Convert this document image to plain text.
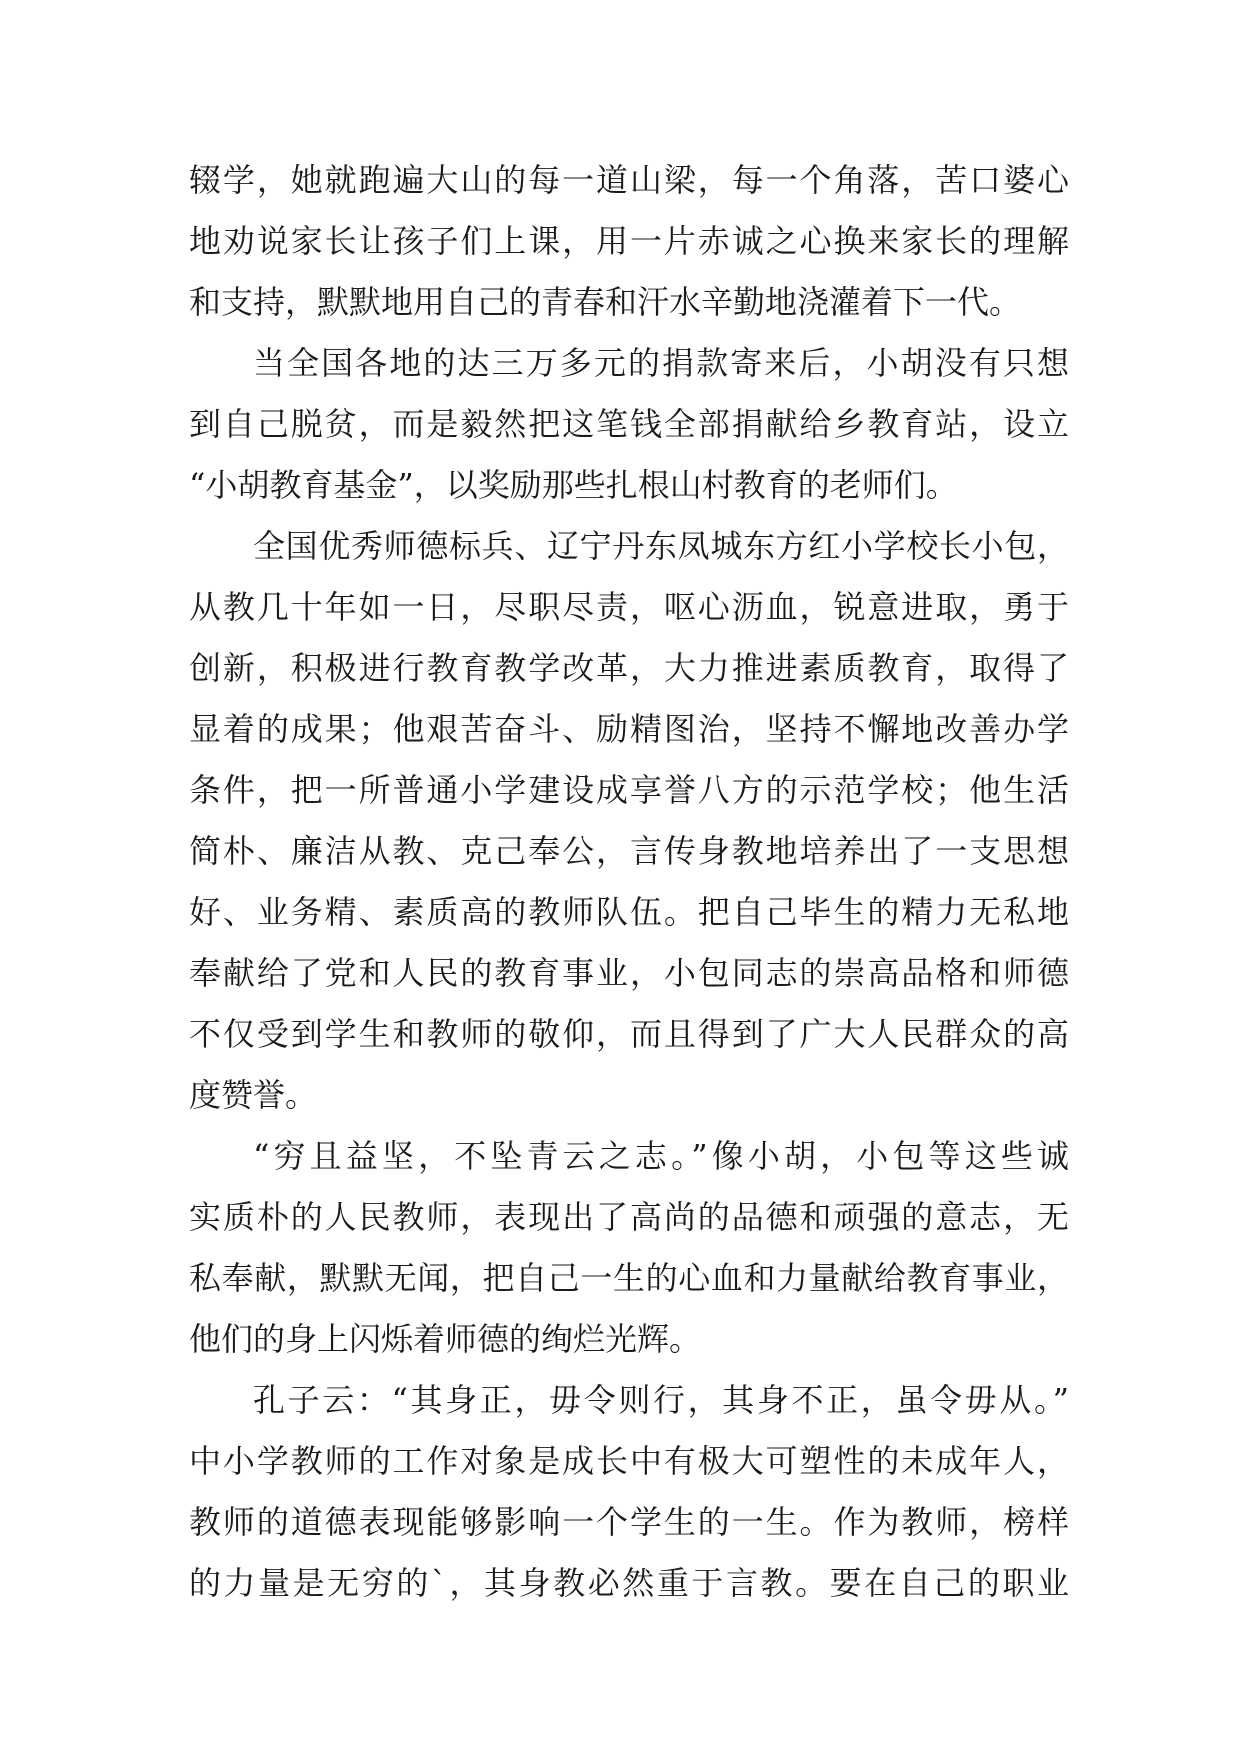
辍学，她就跑遍大山的每一道山梁，每一个角落，苦口婆心
地劝说家长让孩子们上课，用一片赤诚之心换来家长的理解
和支持，默默地用自己的青春和汗水辛勤地浇灌着下一代。
当全国各地的达三万多元的捐款寄来后，小胡没有只想
到自己脱贫，而是毅然把这笔钱全部捐献给乡教育站，设立
“小胡教育基金”，以奖励那些扎根山村教育的老师们。
全国优秀师德标兵、辽宁丹东凤城东方红小学校长小包，
从教几十年如一日，尽职尽责，呕心沥血，锐意进取，勇于
创新，积极进行教育教学改革，大力推进素质教育，取得了
显着的成果；他艰苦奋斗、励精图治，坚持不懈地改善办学
条件，把一所普通小学建设成享誉八方的示范学校；他生活
简朴、廉洁从教、克己奉公，言传身教地培养出了一支思想
好、业务精、素质高的教师队伍。把自己毕生的精力无私地
奉献给了党和人民的教育事业，小包同志的崇高品格和师德
不仅受到学生和教师的敬仰，而且得到了广大人民群众的高
度赞誉。
“穷且益坚，不坠青云之志。”像小胡，小包等这些诚
实质朴的人民教师，表现出了高尚的品德和顽强的意志，无
私奉献，默默无闻，把自己一生的心血和力量献给教育事业，
他们的身上闪烁着师德的绚烂光辉。
孔子云：“其身正，毋令则行，其身不正，虽令毋从。”
中小学教师的工作对象是成长中有极大可塑性的未成年人，
教师的道德表现能够影响一个学生的一生。作为教师，榜样
的力量是无穷的`，其身教必然重于言教。要在自己的职业
